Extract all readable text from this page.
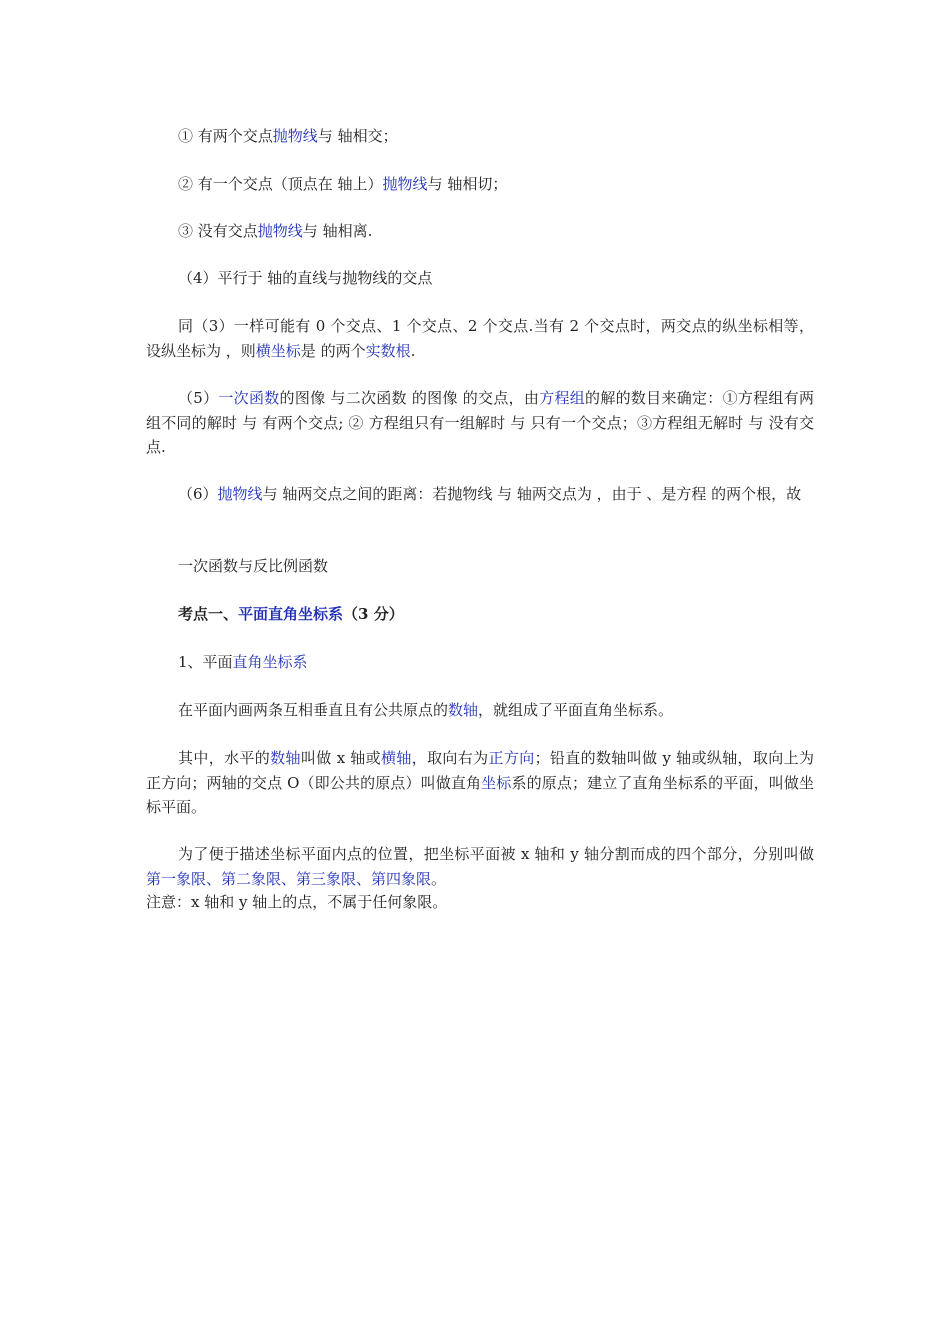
① 有两个交点抛物线与 轴相交；

② 有一个交点（顶点在 轴上）抛物线与 轴相切；

③ 没有交点抛物线与 轴相离.

（4）平行于 轴的直线与抛物线的交点

同（3）一样可能有 0 个交点、1 个交点、2 个交点.当有 2 个交点时，两交点的纵坐标相等，设纵坐标为 ，则横坐标是 的两个实数根.

（5）一次函数的图像 与二次函数 的图像 的交点，由方程组的解的数目来确定：①方程组有两组不同的解时 与 有两个交点; ② 方程组只有一组解时 与 只有一个交点；③方程组无解时 与 没有交点.

（6）抛物线与 轴两交点之间的距离：若抛物线 与 轴两交点为 ，由于 、是方程 的两个根，故

一次函数与反比例函数

考点一、平面直角坐标系（3 分）

1、平面直角坐标系

在平面内画两条互相垂直且有公共原点的数轴，就组成了平面直角坐标系。

其中，水平的数轴叫做 x 轴或横轴，取向右为正方向；铅直的数轴叫做 y 轴或纵轴，取向上为正方向；两轴的交点 O（即公共的原点）叫做直角坐标系的原点；建立了直角坐标系的平面，叫做坐标平面。

为了便于描述坐标平面内点的位置，把坐标平面被 x 轴和 y 轴分割而成的四个部分，分别叫做第一象限、第二象限、第三象限、第四象限。

注意：x 轴和 y 轴上的点，不属于任何象限。
